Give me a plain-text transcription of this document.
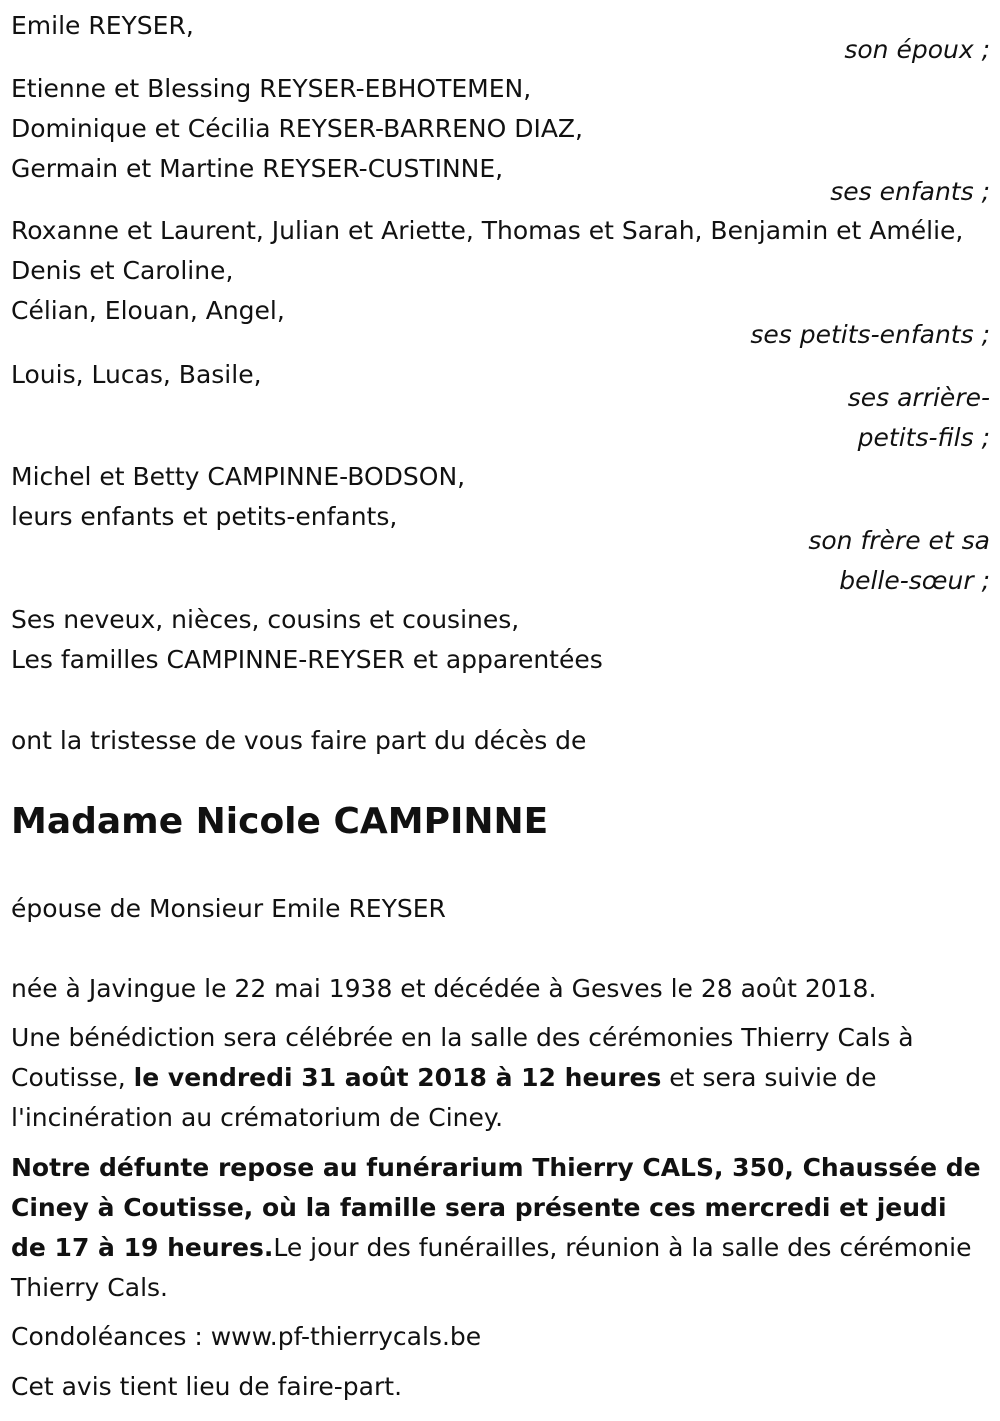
Emile REYSER,
son époux ;
Etienne et Blessing REYSER-EBHOTEMEN,
Dominique et Cécilia REYSER-BARRENO DIAZ,
Germain et Martine REYSER-CUSTINNE,
ses enfants ;
Roxanne et Laurent, Julian et Ariette, Thomas et Sarah, Benjamin et Amélie, Denis et Caroline,
Célian, Elouan, Angel,
ses petits-enfants ;
Louis, Lucas, Basile,
ses arrière-
petits-fils ;
Michel et Betty CAMPINNE-BODSON,
leurs enfants et petits-enfants,
son frère et sa
belle-sœur ;
Ses neveux, nièces, cousins et cousines,
Les familles CAMPINNE-REYSER et apparentées
ont la tristesse de vous faire part du décès de
Madame Nicole CAMPINNE
épouse de Monsieur Emile REYSER
née à Javingue le 22 mai 1938 et décédée à Gesves le 28 août 2018.
Une bénédiction sera célébrée en la salle des cérémonies Thierry Cals à Coutisse, le vendredi 31 août 2018 à 12 heures et sera suivie de l'incinération au crématorium de Ciney.
Notre défunte repose au funérarium Thierry CALS, 350, Chaussée de Ciney à Coutisse, où la famille sera présente ces mercredi et jeudi de 17 à 19 heures.Le jour des funérailles, réunion à la salle des cérémonie Thierry Cals.
Condoléances : www.pf-thierrycals.be
Cet avis tient lieu de faire-part.
